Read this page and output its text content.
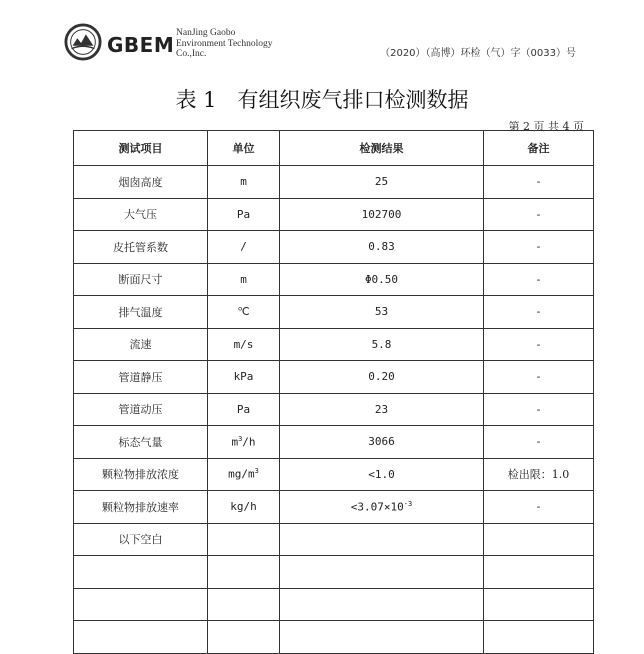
GBEM NanJing Gaobo
Environment Technology
Co.,Inc.	（2020）（高博）环检（气）字（0033）号
表 1　有组织废气排口检测数据
第 2 页 共 4 页
测试项目	单位	检测结果	备注
烟囱高度	m	25	-
大气压	Pa	102700	-
皮托管系数	/	0.83	-
断面尺寸	m	Φ0.50	-
排气温度	℃	53	-
流速	m/s	5.8	-
管道静压	kPa	0.20	-
管道动压	Pa	23	-
标态气量	$m^3/h$	3066	-
颗粒物排放浓度	$mg/m^3$	<1.0	检出限：1.0
颗粒物排放速率	kg/h	$<3.07\times 10^{-3}$	-
以下空白			
